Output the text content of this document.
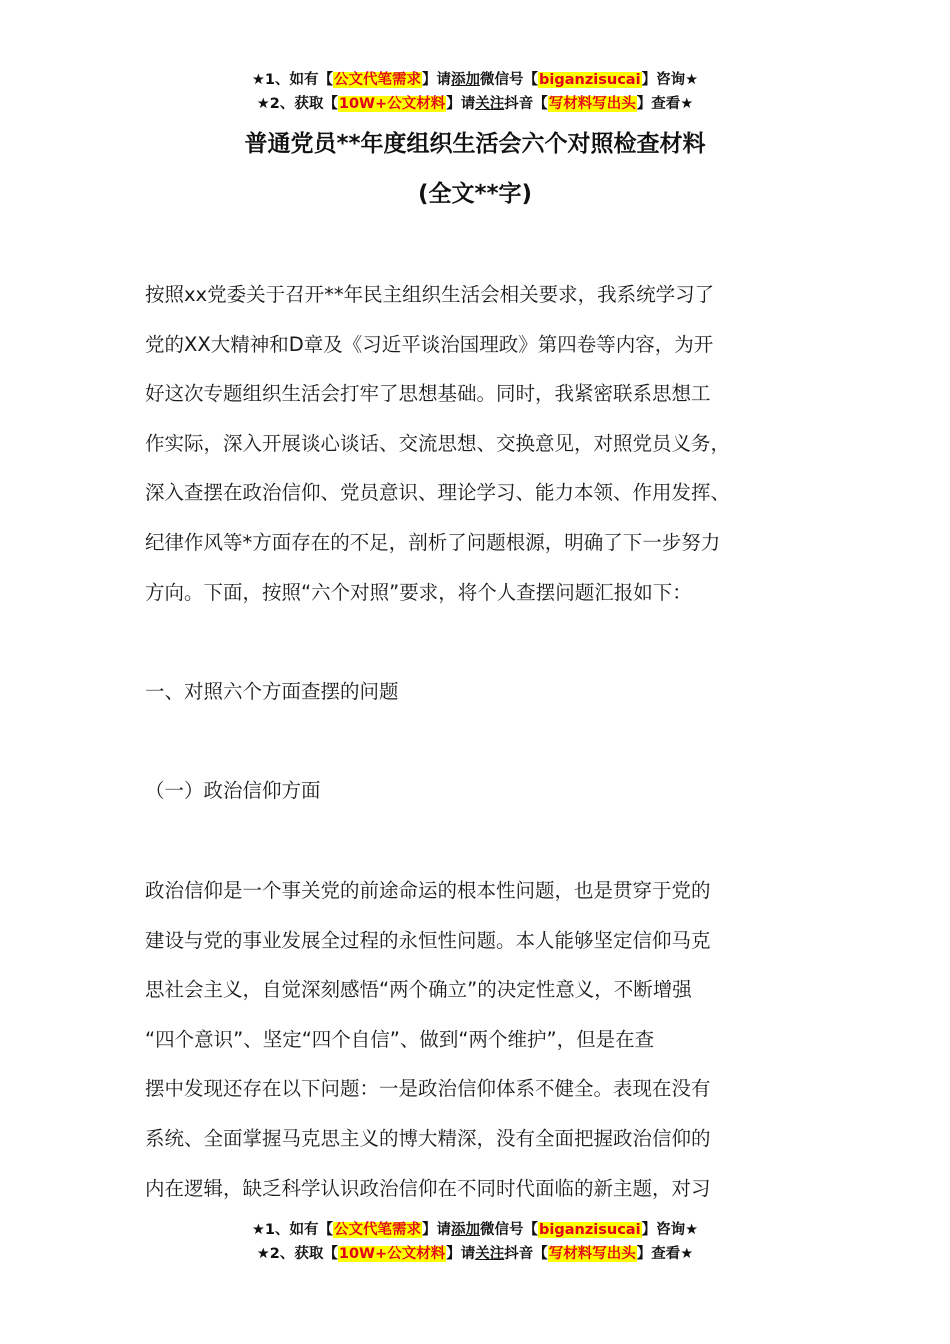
★1、如有【公文代笔需求】请添加微信号【biganzisucai】咨询★
★2、获取【10W+公文材料】请关注抖音【写材料写出头】查看★
普通党员**年度组织生活会六个对照检查材料
(全文**字)
按照xx党委关于召开**年民主组织生活会相关要求，我系统学习了
党的XX大精神和D章及《习近平谈治国理政》第四卷等内容，为开
好这次专题组织生活会打牢了思想基础。同时，我紧密联系思想工
作实际，深入开展谈心谈话、交流思想、交换意见，对照党员义务，
深入查摆在政治信仰、党员意识、理论学习、能力本领、作用发挥、
纪律作风等*方面存在的不足，剖析了问题根源，明确了下一步努力
方向。下面，按照“六个对照”要求，将个人查摆问题汇报如下：
一、对照六个方面查摆的问题
（一）政治信仰方面
政治信仰是一个事关党的前途命运的根本性问题，也是贯穿于党的
建设与党的事业发展全过程的永恒性问题。本人能够坚定信仰马克
思社会主义，自觉深刻感悟“两个确立”的决定性意义，不断增强
“四个意识”、坚定“四个自信”、做到“两个维护”，但是在查
摆中发现还存在以下问题：一是政治信仰体系不健全。表现在没有
系统、全面掌握马克思主义的博大精深，没有全面把握政治信仰的
内在逻辑，缺乏科学认识政治信仰在不同时代面临的新主题，对习
★1、如有【公文代笔需求】请添加微信号【biganzisucai】咨询★
★2、获取【10W+公文材料】请关注抖音【写材料写出头】查看★
